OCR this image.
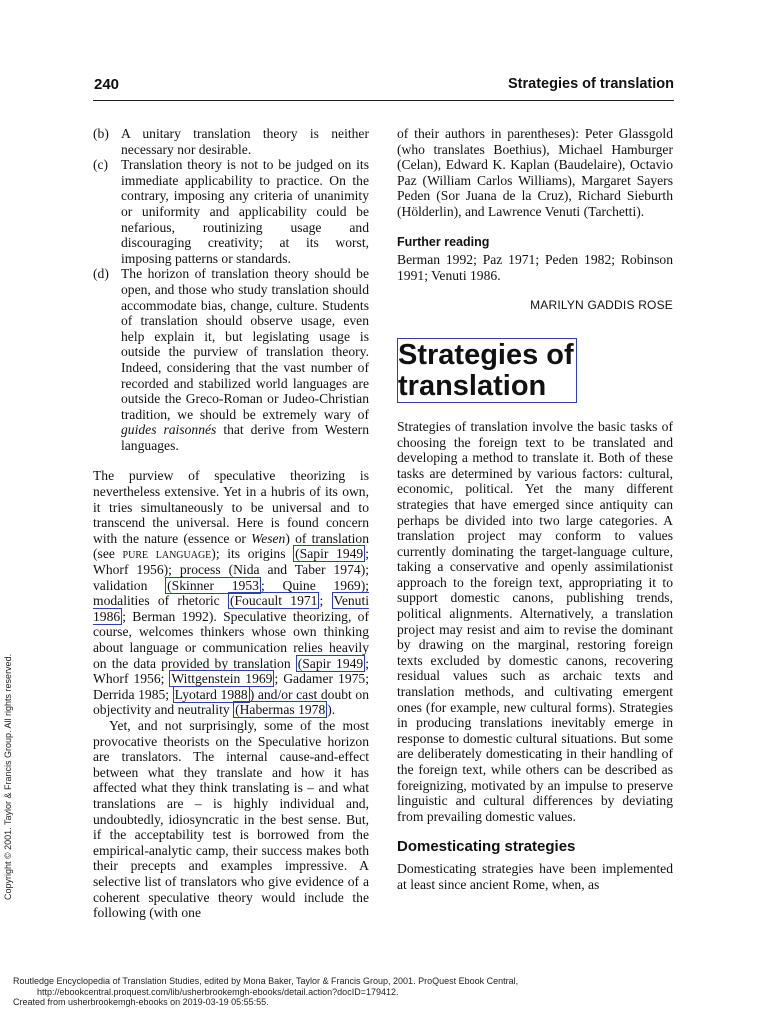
240	Strategies of translation
(b) A unitary translation theory is neither necessary nor desirable.
(c) Translation theory is not to be judged on its immediate applicability to practice. On the contrary, imposing any criteria of unanimity or uniformity and applicability could be nefarious, routinizing usage and discouraging creativity; at its worst, imposing patterns or standards.
(d) The horizon of translation theory should be open, and those who study translation should accommodate bias, change, culture. Students of translation should observe usage, even help explain it, but legislating usage is outside the purview of translation theory. Indeed, considering that the vast number of recorded and stabilized world languages are outside the Greco-Roman or Judeo-Christian tradition, we should be extremely wary of guides raisonnés that derive from Western languages.

The purview of speculative theorizing is nevertheless extensive. Yet in a hubris of its own, it tries simultaneously to be universal and to transcend the universal. Here is found concern with the nature (essence or Wesen) of translation (see pure language); its origins (Sapir 1949 ; Whorf 1956); process (Nida and Taber 1974); validation (Skinner 1953 ; Quine 1969); modalities of rhetoric (Foucault 1971 ; Venuti 1986 ; Berman 1992). Speculative theorizing, of course, welcomes thinkers whose own thinking about language or communication relies heavily on the data provided by translation (Sapir 1949 ; Whorf 1956; Wittgenstein 1969 ; Gadamer 1975; Derrida 1985; Lyotard 1988 ) and/or cast doubt on objectivity and neutrality (Habermas 1978 ).

Yet, and not surprisingly, some of the most provocative theorists on the Speculative horizon are translators. The internal cause-and-effect between what they translate and how it has affected what they think translating is – and what translations are – is highly individual and, undoubtedly, idiosyncratic in the best sense. But, if the acceptability test is borrowed from the empirical-analytic camp, their success makes both their precepts and examples impressive. A selective list of translators who give evidence of a coherent speculative theory would include the following (with one

of their authors in parentheses): Peter Glassgold (who translates Boethius), Michael Hamburger (Celan), Edward K. Kaplan (Baudelaire), Octavio Paz (William Carlos Williams), Margaret Sayers Peden (Sor Juana de la Cruz), Richard Sieburth (Hölderlin), and Lawrence Venuti (Tarchetti).

Further reading

Berman 1992; Paz 1971; Peden 1982; Robinson 1991; Venuti 1986.

MARILYN GADDIS ROSE
Strategies of
translation

Strategies of translation involve the basic tasks of choosing the foreign text to be translated and developing a method to translate it. Both of these tasks are determined by various factors: cultural, economic, political. Yet the many different strategies that have emerged since antiquity can perhaps be divided into two large categories. A translation project may conform to values currently dominating the target-language culture, taking a conservative and openly assimilationist approach to the foreign text, appropriating it to support domestic canons, publishing trends, political alignments. Alternatively, a translation project may resist and aim to revise the dominant by drawing on the marginal, restoring foreign texts excluded by domestic canons, recovering residual values such as archaic texts and translation methods, and cultivating emergent ones (for example, new cultural forms). Strategies in producing translations inevitably emerge in response to domestic cultural situations. But some are deliberately domesticating in their handling of the foreign text, while others can be described as foreignizing, motivated by an impulse to preserve linguistic and cultural differences by deviating from prevailing domestic values.

Domesticating strategies

Domesticating strategies have been implemented at least since ancient Rome, when, as

Copyright © 2001. Taylor & Francis Group. All rights reserved.
Routledge Encyclopedia of Translation Studies, edited by Mona Baker, Taylor & Francis Group, 2001. ProQuest Ebook Central,
http://ebookcentral.proquest.com/lib/usherbrookemgh-ebooks/detail.action?docID=179412.
Created from usherbrookemgh-ebooks on 2019-03-19 05:55:55.
